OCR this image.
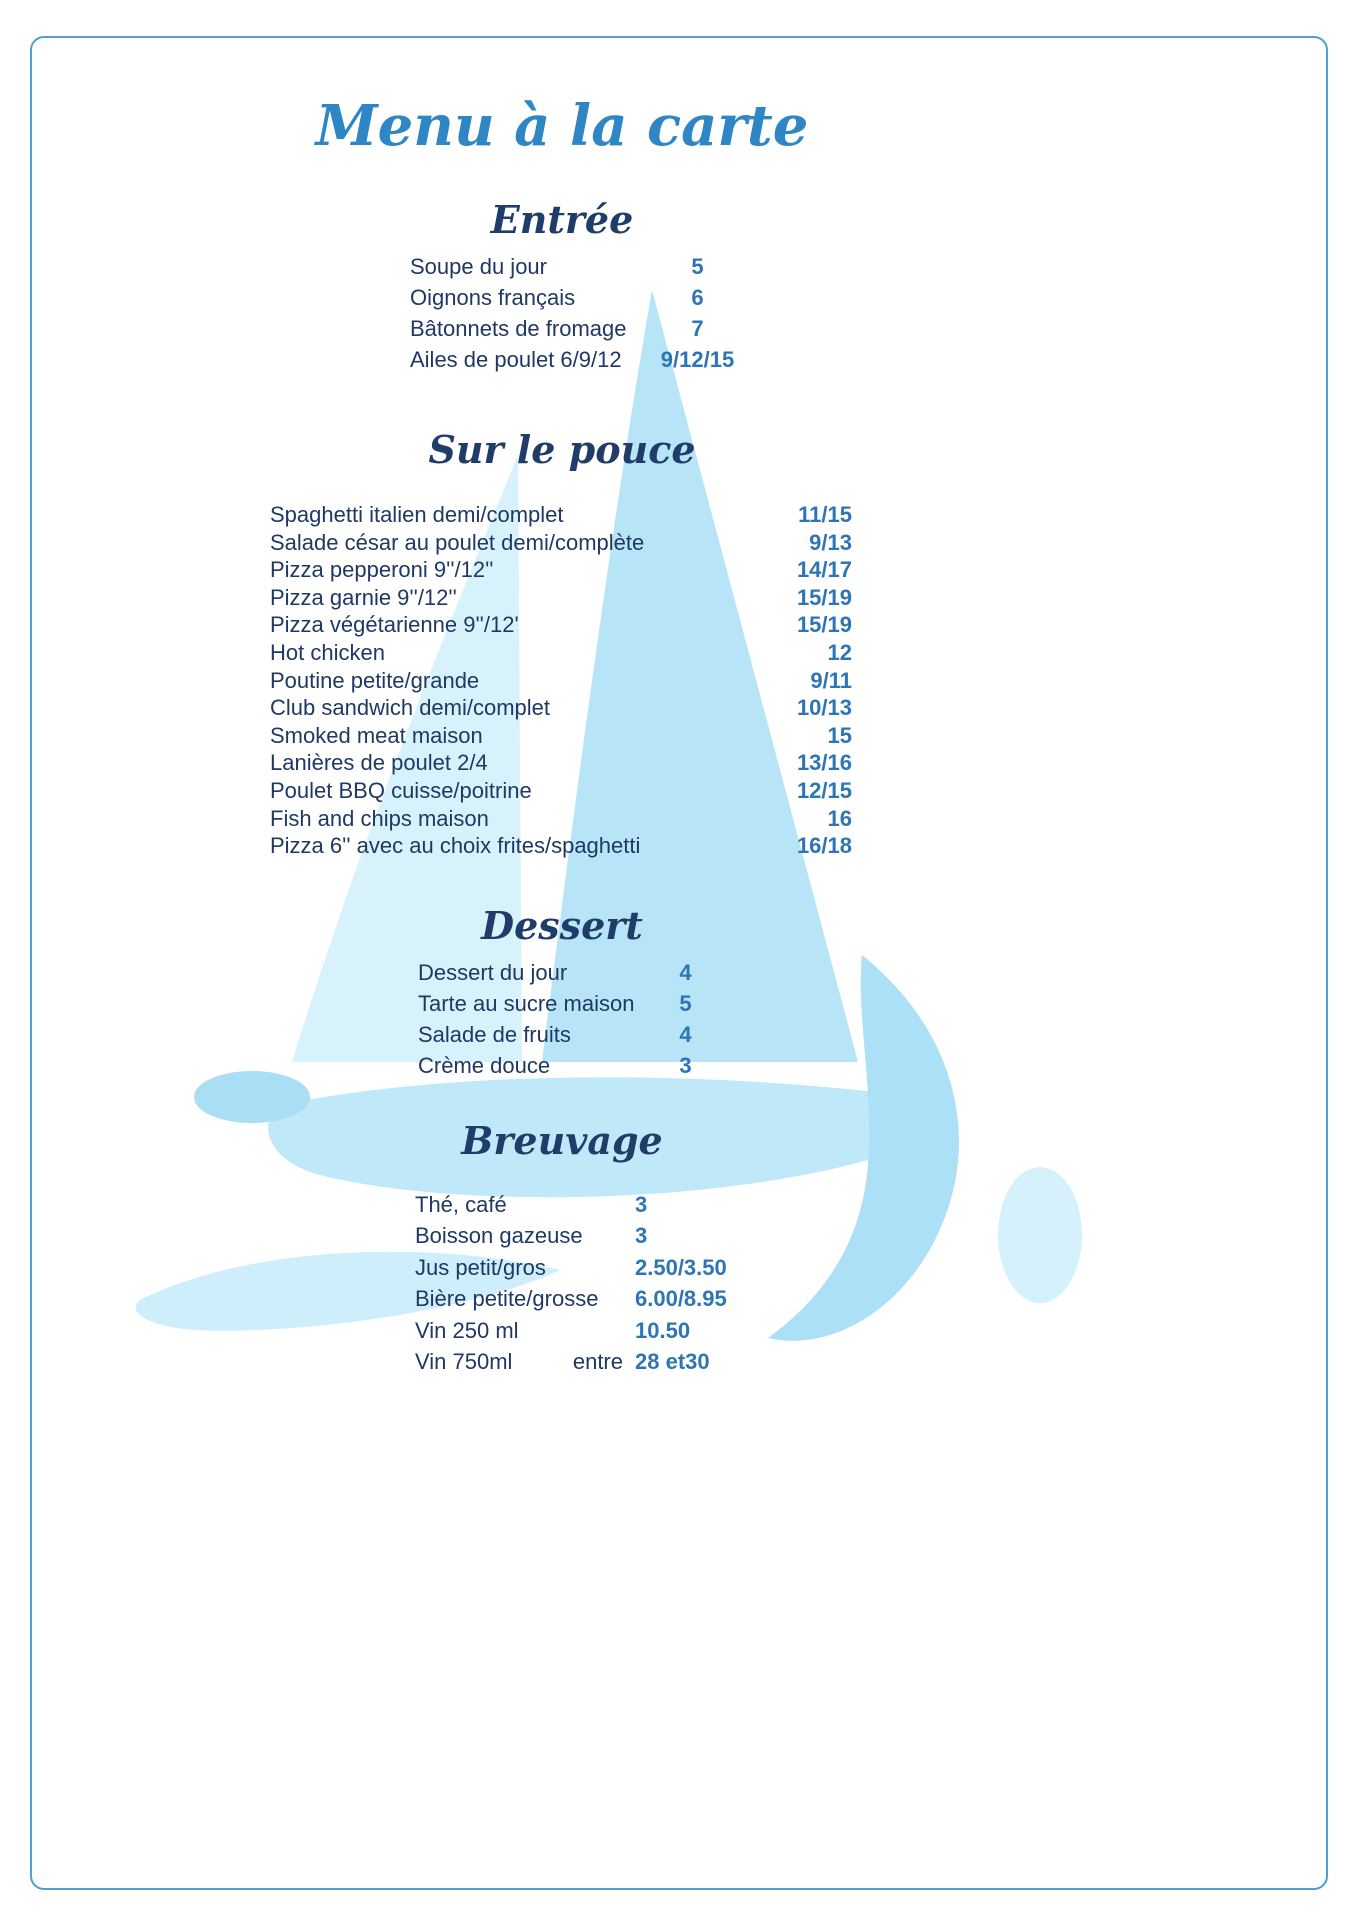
Menu à la carte
Entrée
Soupe du jour	5
Oignons français	6
Bâtonnets de fromage	7
Ailes de poulet 6/9/12	9/12/15
Sur le pouce
Spaghetti italien demi/complet	11/15
Salade césar au poulet demi/complète	9/13
Pizza pepperoni 9''/12''	14/17
Pizza garnie 9''/12''	15/19
Pizza végétarienne 9''/12'	15/19
Hot chicken	12
Poutine petite/grande	9/11
Club sandwich demi/complet	10/13
Smoked meat maison	15
Lanières de poulet 2/4	13/16
Poulet BBQ cuisse/poitrine	12/15
Fish and chips maison	16
Pizza 6'' avec au choix frites/spaghetti	16/18
Dessert
Dessert du jour	4
Tarte au sucre maison	5
Salade de fruits	4
Crème douce	3
Breuvage
Thé, café	3
Boisson gazeuse	3
Jus petit/gros	2.50/3.50
Bière petite/grosse	6.00/8.95
Vin 250 ml	10.50
Vin 750ml	entre 28 et30
